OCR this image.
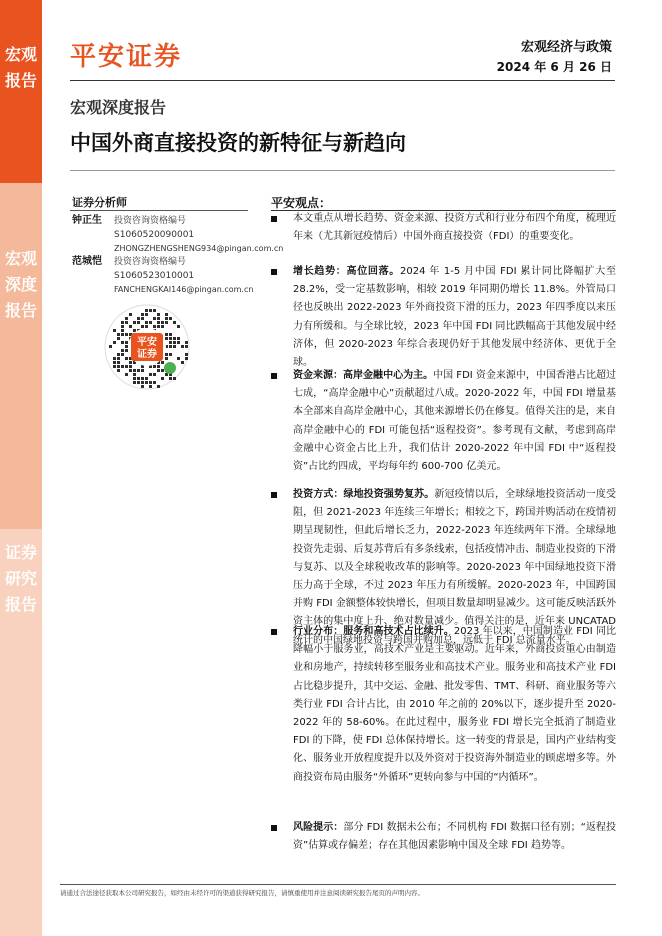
宏观报告
宏观深度报告
证券研究报告
平安证券	宏观经济与政策
2024 年 6 月 26 日
宏观深度报告
中国外商直接投资的新特征与新趋向
证券分析师
钟正生 投资咨询资格编号
S1060520090001
ZHONGZHENGSHENG934@pingan.com.cn
范城恺 投资咨询资格编号
S1060523010001
FANCHENGKAI146@pingan.com.cn
平安
证券
平安观点：
本文重点从增长趋势、资金来源、投资方式和行业分布四个角度，梳理近年来（尤其新冠疫情后）中国外商直接投资（FDI）的重要变化。
增长趋势：高位回落。2024 年 1-5 月中国 FDI 累计同比降幅扩大至 28.2%，受一定基数影响，相较 2019 年同期仍增长 11.8%。外管局口径也反映出 2022-2023 年外商投资下滑的压力，2023 年四季度以来压力有所缓和。与全球比较，2023 年中国 FDI 同比跌幅高于其他发展中经济体，但 2020-2023 年综合表现仍好于其他发展中经济体、更优于全球。
资金来源：高岸金融中心为主。中国 FDI 资金来源中，中国香港占比超过七成，“高岸金融中心”贡献超过八成。2020-2022 年，中国 FDI 增量基本全部来自高岸金融中心，其他来源增长仍在修复。值得关注的是，来自高岸金融中心的 FDI 可能包括“返程投资”。参考现有文献，考虑到高岸金融中心资金占比上升，我们估计 2020-2022 年中国 FDI 中“返程投资”占比约四成，平均每年约 600-700 亿美元。
投资方式：绿地投资强势复苏。新冠疫情以后，全球绿地投资活动一度受阻，但 2021-2023 年连续三年增长；相较之下，跨国并购活动在疫情初期呈现韧性，但此后增长乏力，2022-2023 年连续两年下滑。全球绿地投资先走弱、后复苏背后有多条线索，包括疫情冲击、制造业投资的下滑与复苏、以及全球税收改革的影响等。2020-2023 年中国绿地投资下滑压力高于全球，不过 2023 年压力有所缓解。2020-2023 年，中国跨国并购 FDI 金额整体较快增长，但项目数量却明显减少。这可能反映活跃外资主体的集中度上升、绝对数量减少。值得关注的是，近年来 UNCATAD 统计的中国绿地投资与跨国并购加总，远低于 FDI 总流量水平。
行业分布：服务和高技术占比续升。2023 年以来，中国制造业 FDI 同比降幅小于服务业，高技术产业是主要驱动。近年来，外商投资重心由制造业和房地产，持续转移至服务业和高技术产业。服务业和高技术产业 FDI 占比稳步提升，其中交运、金融、批发零售、TMT、科研、商业服务等六类行业 FDI 合计占比，由 2010 年之前的 20%以下，逐步提升至 2020-2022 年的 58-60%。在此过程中，服务业 FDI 增长完全抵消了制造业 FDI 的下降，使 FDI 总体保持增长。这一转变的背景是，国内产业结构变化、服务业开放程度提升以及外资对于投资海外制造业的顾虑增多等。外商投资布局由服务“外循环”更转向参与中国的“内循环”。
风险提示：部分 FDI 数据未公布；不同机构 FDI 数据口径有别；“返程投资”估算或存偏差；存在其他因素影响中国及全球 FDI 趋势等。
请通过合法途径获取本公司研究报告，如经由未经许可的渠道获得研究报告，请慎重使用并注意阅读研究报告尾页的声明内容。
